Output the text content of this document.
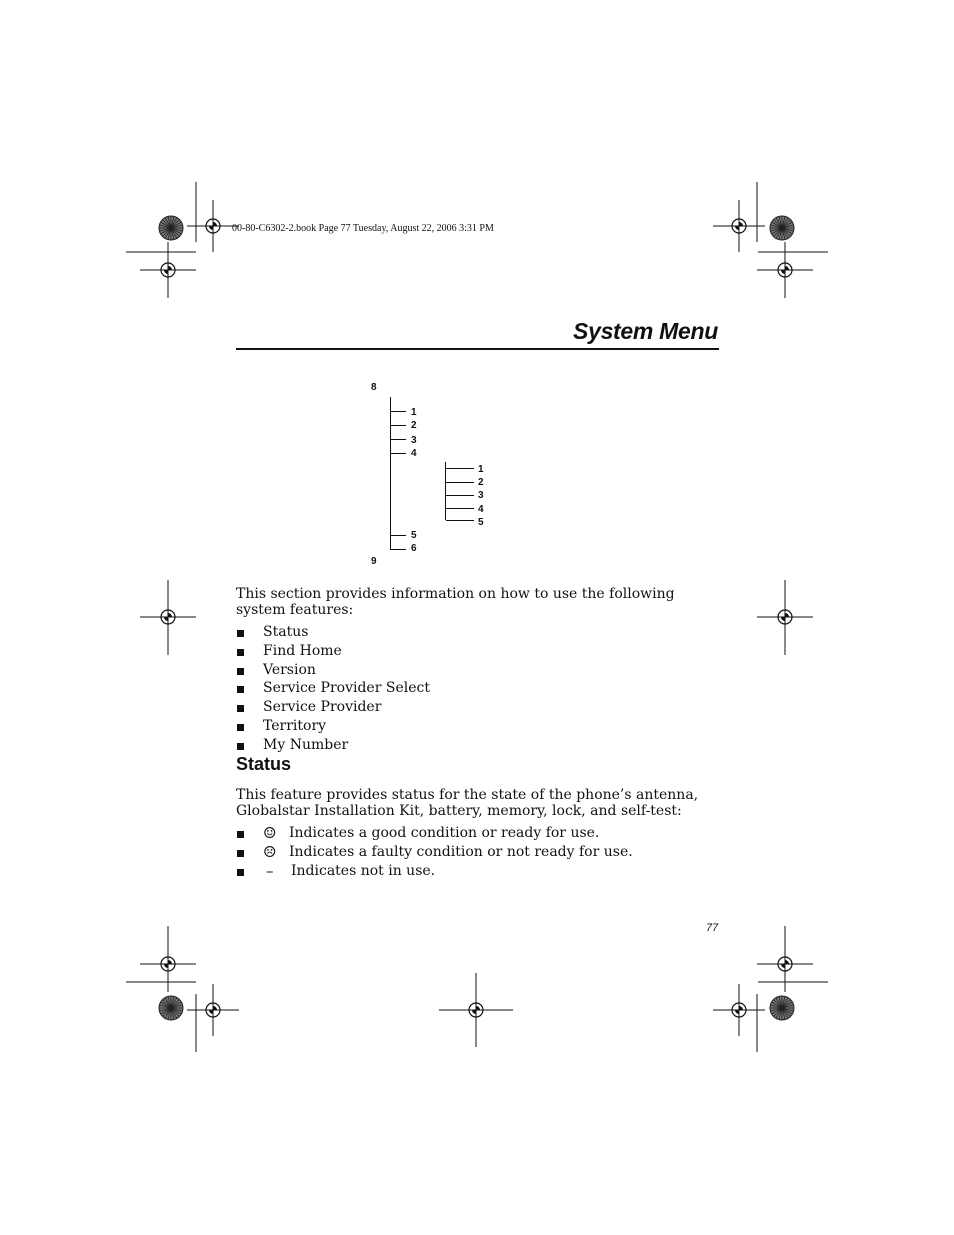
00-80-C6302-2.book Page 77 Tuesday, August 22, 2006 3:31 PM
System Menu
8
9
1
2
3
4
1
2
3
4
5
5
6
This section provides information on how to use the following system features:
Status
Find Home
Version
Service Provider Select
Service Provider
Territory
My Number
Status
This feature provides status for the state of the phone’s antenna, Globalstar Installation Kit, battery, memory, lock, and self-test:
☺ Indicates a good condition or ready for use.
☹ Indicates a faulty condition or not ready for use.
– Indicates not in use.
77
